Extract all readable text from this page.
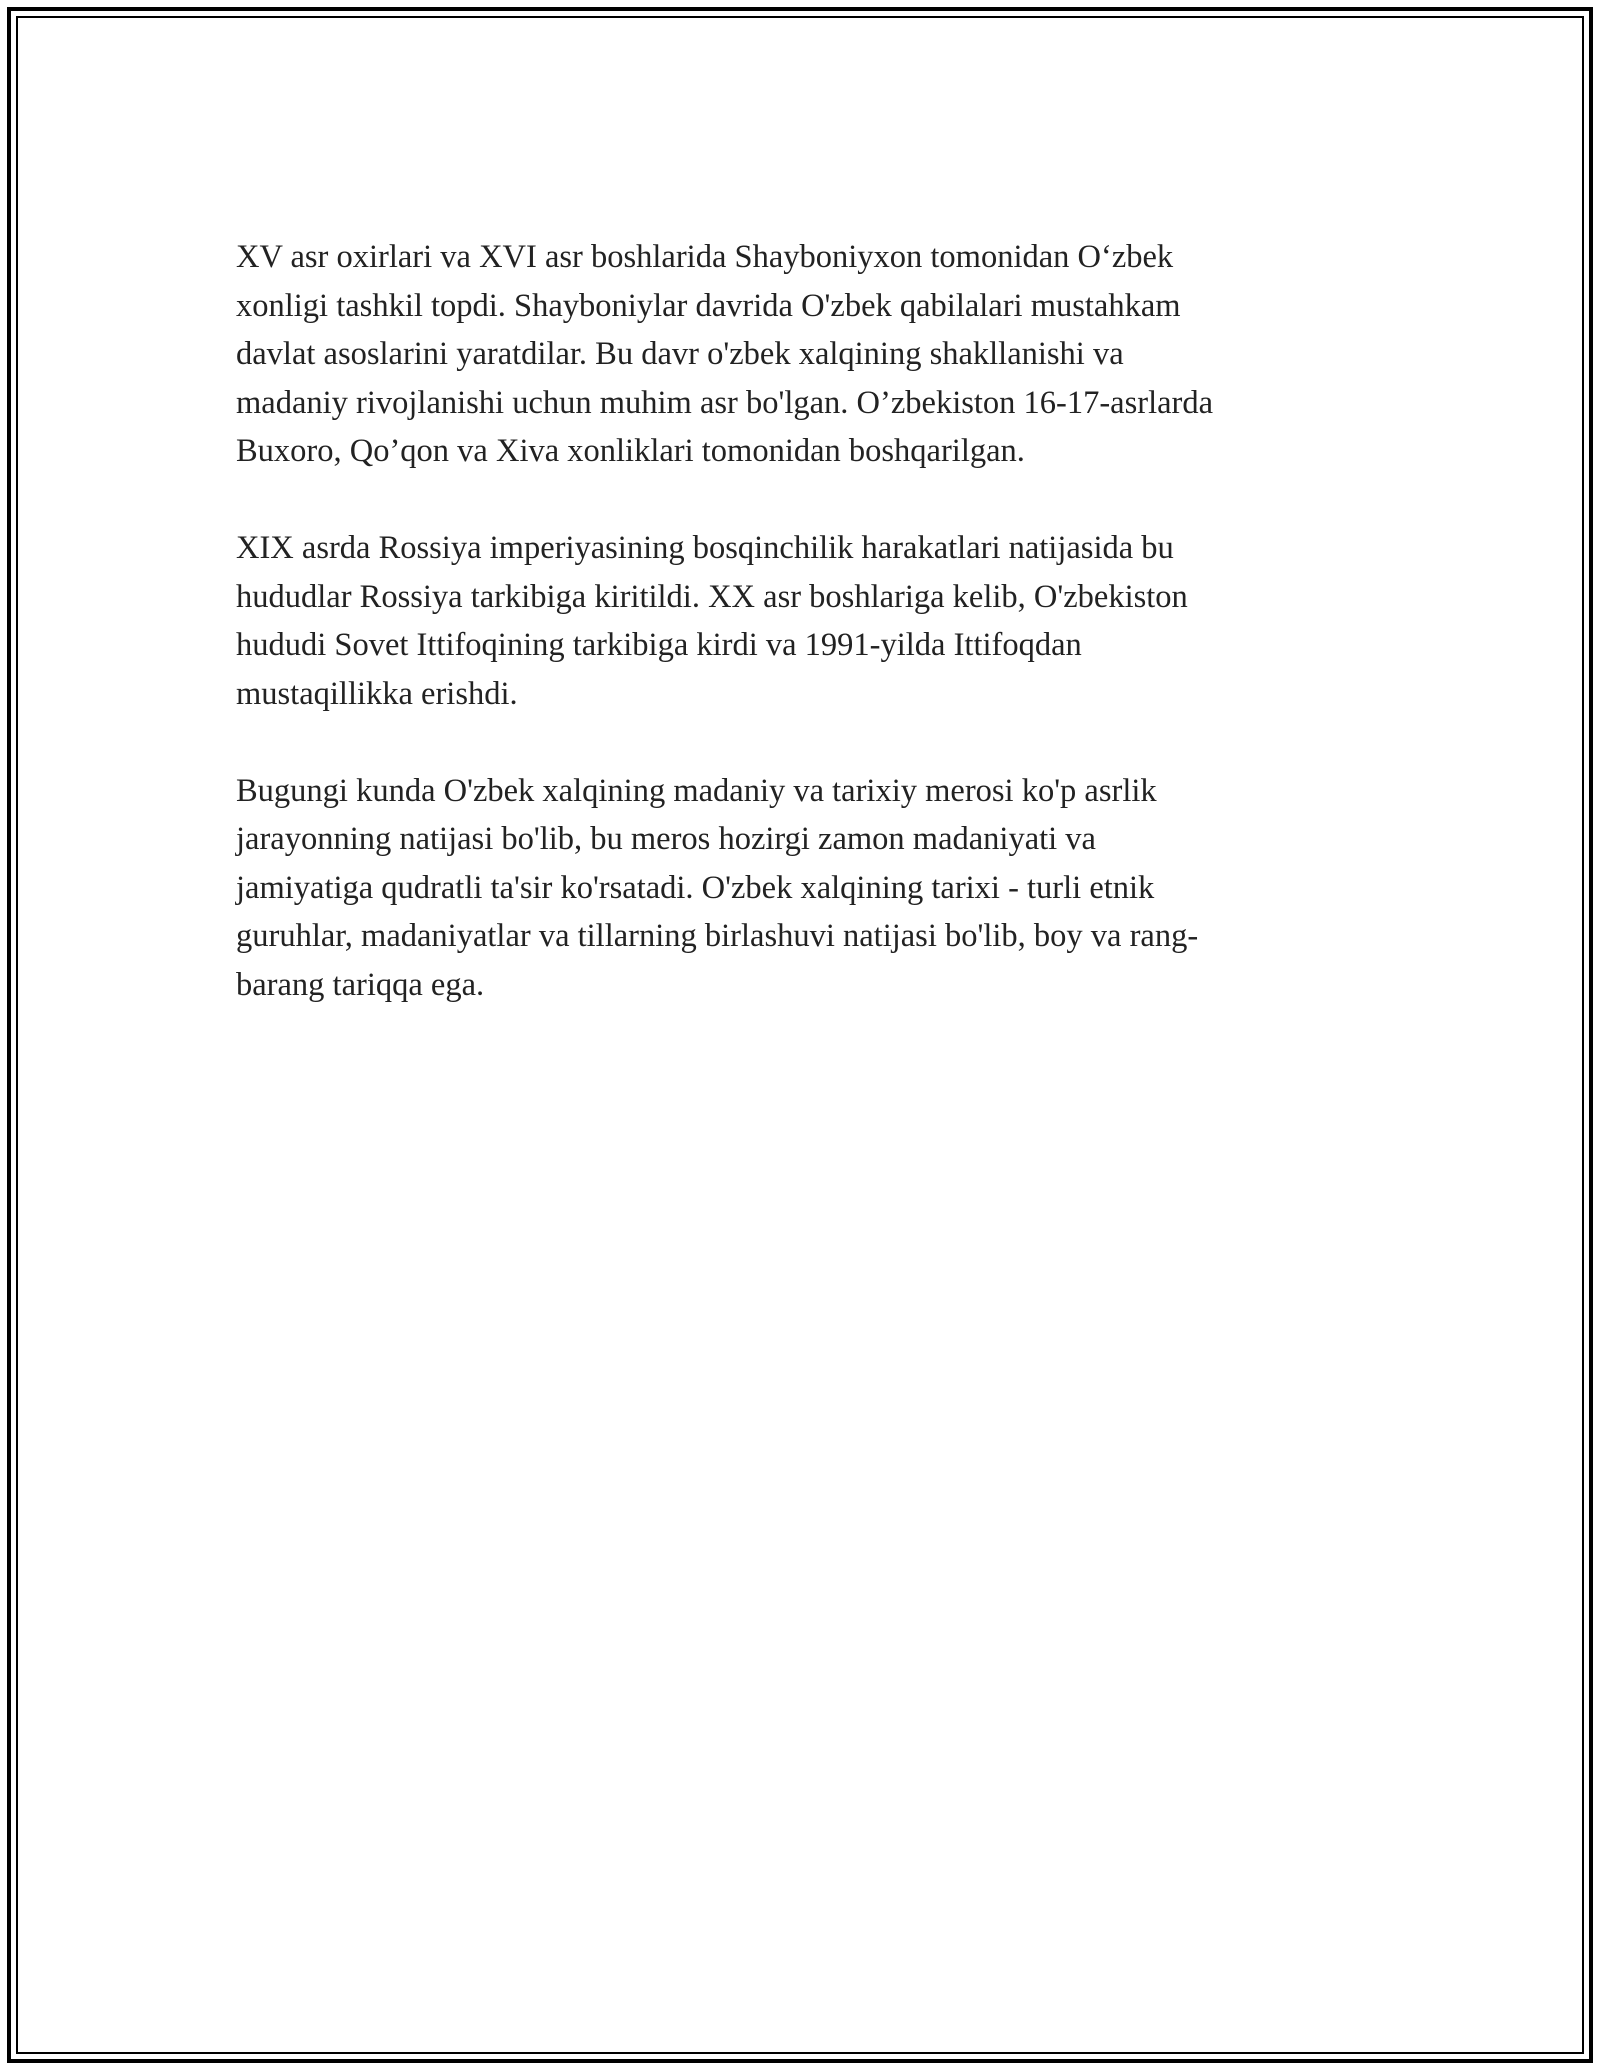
XV asr oxirlari va XVI asr boshlarida Shayboniyxon tomonidan O‘zbek
xonligi tashkil topdi. Shayboniylar davrida O'zbek qabilalari mustahkam
davlat asoslarini yaratdilar. Bu davr o'zbek xalqining shakllanishi va
madaniy rivojlanishi uchun muhim asr bo'lgan. O’zbekiston 16-17-asrlarda
Buxoro, Qo’qon va Xiva xonliklari tomonidan boshqarilgan.

XIX asrda Rossiya imperiyasining bosqinchilik harakatlari natijasida bu
hududlar Rossiya tarkibiga kiritildi. XX asr boshlariga kelib, O'zbekiston
hududi Sovet Ittifoqining tarkibiga kirdi va 1991-yilda Ittifoqdan
mustaqillikka erishdi.

Bugungi kunda O'zbek xalqining madaniy va tarixiy merosi ko'p asrlik
jarayonning natijasi bo'lib, bu meros hozirgi zamon madaniyati va
jamiyatiga qudratli ta'sir ko'rsatadi. O'zbek xalqining tarixi - turli etnik
guruhlar, madaniyatlar va tillarning birlashuvi natijasi bo'lib, boy va rang-
barang tariqqa ega.
